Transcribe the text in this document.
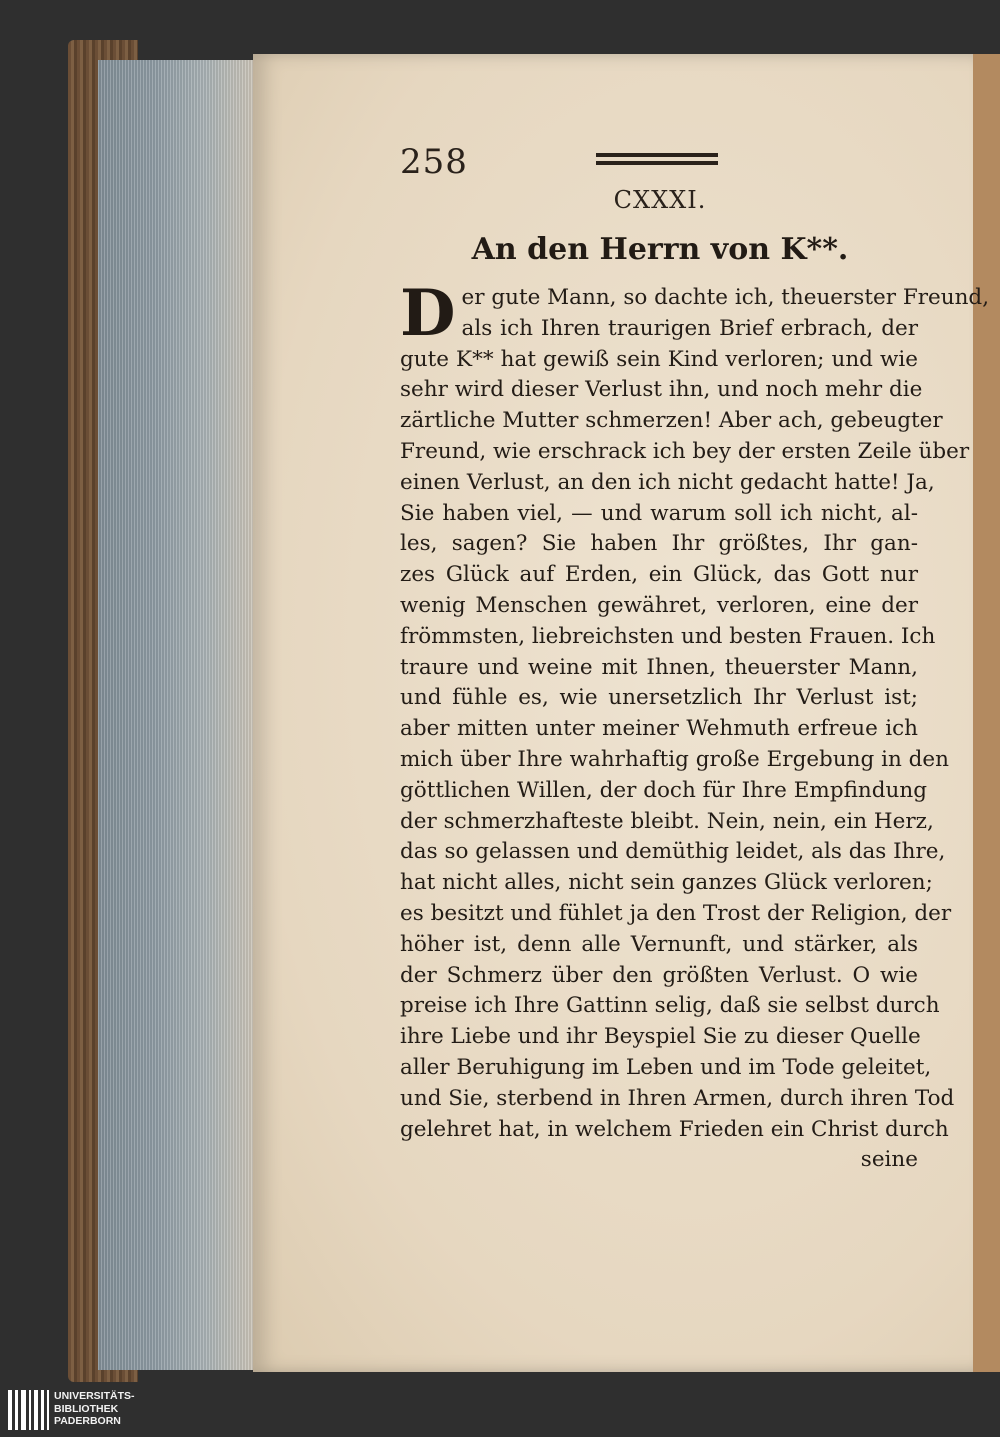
258
CXXXI.
An den Herrn von K**.
D er gute Mann, so dachte ich, theuerster Freund,
als ich Ihren traurigen Brief erbrach, der
gute K** hat gewiß sein Kind verloren; und wie
sehr wird dieser Verlust ihn, und noch mehr die
zärtliche Mutter schmerzen! Aber ach, gebeugter
Freund, wie erschrack ich bey der ersten Zeile über
einen Verlust, an den ich nicht gedacht hatte! Ja,
Sie haben viel, — und warum soll ich nicht, al-
les, sagen? Sie haben Ihr größtes, Ihr gan-
zes Glück auf Erden, ein Glück, das Gott nur
wenig Menschen gewähret, verloren, eine der
frömmsten, liebreichsten und besten Frauen. Ich
traure und weine mit Ihnen, theuerster Mann,
und fühle es, wie unersetzlich Ihr Verlust ist;
aber mitten unter meiner Wehmuth erfreue ich
mich über Ihre wahrhaftig große Ergebung in den
göttlichen Willen, der doch für Ihre Empfindung
der schmerzhafteste bleibt. Nein, nein, ein Herz,
das so gelassen und demüthig leidet, als das Ihre,
hat nicht alles, nicht sein ganzes Glück verloren;
es besitzt und fühlet ja den Trost der Religion, der
höher ist, denn alle Vernunft, und stärker, als
der Schmerz über den größten Verlust. O wie
preise ich Ihre Gattinn selig, daß sie selbst durch
ihre Liebe und ihr Beyspiel Sie zu dieser Quelle
aller Beruhigung im Leben und im Tode geleitet,
und Sie, sterbend in Ihren Armen, durch ihren Tod
gelehret hat, in welchem Frieden ein Christ durch
seine
UNIVERSITÄTS-
BIBLIOTHEK
PADERBORN
